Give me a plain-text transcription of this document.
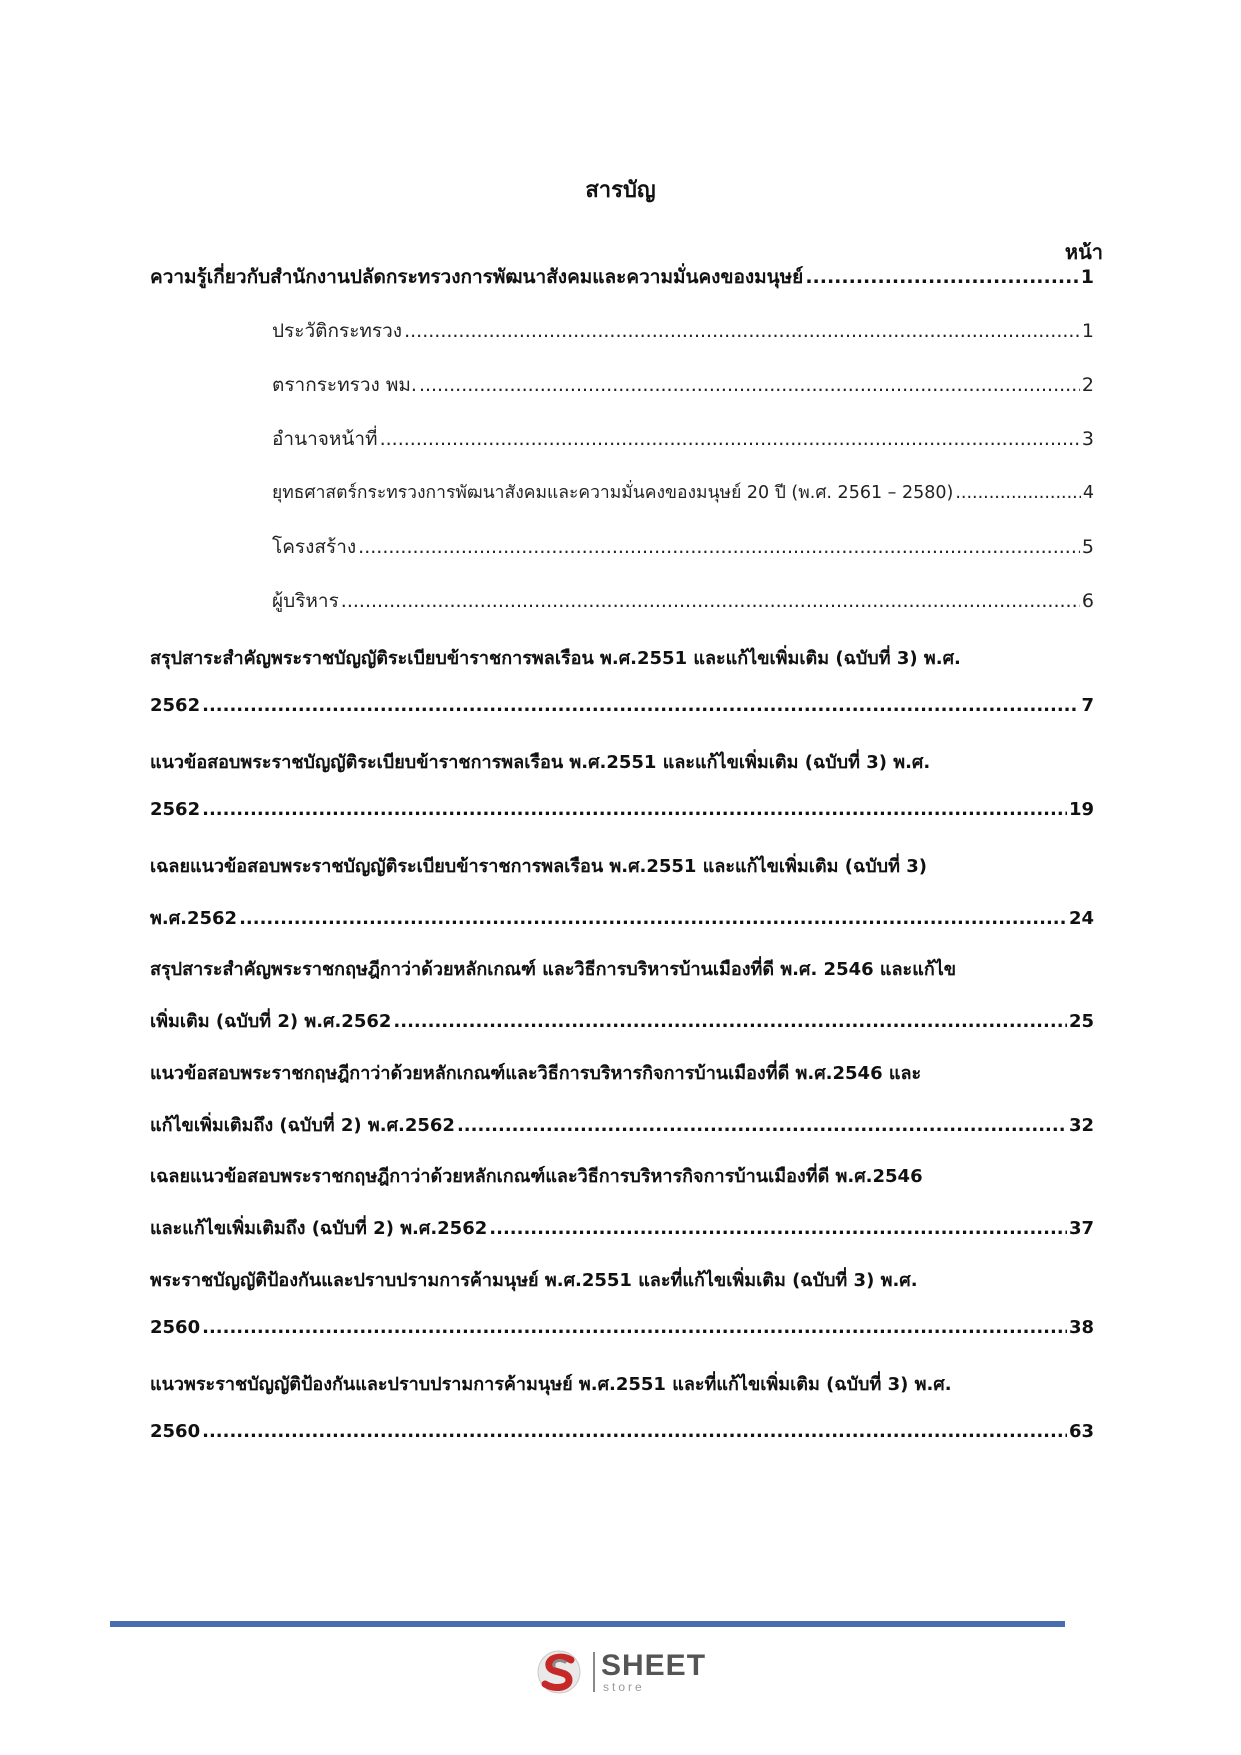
สารบัญ
หน้า
ความรู้เกี่ยวกับสำนักงานปลัดกระทรวงการพัฒนาสังคมและความมั่นคงของมนุษย์ .....	1
ประวัติกระทรวง .....	1
ตรากระทรวง พม. .....	2
อำนาจหน้าที่ .....	3
ยุทธศาสตร์กระทรวงการพัฒนาสังคมและความมั่นคงของมนุษย์ 20 ปี (พ.ศ. 2561 – 2580) .....	4
โครงสร้าง .....	5
ผู้บริหาร .....	6
สรุปสาระสำคัญพระราชบัญญัติระเบียบข้าราชการพลเรือน พ.ศ.2551 และแก้ไขเพิ่มเติม (ฉบับที่ 3) พ.ศ.
2562 .....	7
แนวข้อสอบพระราชบัญญัติระเบียบข้าราชการพลเรือน พ.ศ.2551 และแก้ไขเพิ่มเติม (ฉบับที่ 3) พ.ศ.
2562 .....	19
เฉลยแนวข้อสอบพระราชบัญญัติระเบียบข้าราชการพลเรือน พ.ศ.2551 และแก้ไขเพิ่มเติม (ฉบับที่ 3)
พ.ศ.2562 .....	24
สรุปสาระสำคัญพระราชกฤษฎีกาว่าด้วยหลักเกณฑ์ และวิธีการบริหารบ้านเมืองที่ดี พ.ศ. 2546 และแก้ไข
เพิ่มเติม (ฉบับที่ 2) พ.ศ.2562 .....	25
แนวข้อสอบพระราชกฤษฎีกาว่าด้วยหลักเกณฑ์และวิธีการบริหารกิจการบ้านเมืองที่ดี พ.ศ.2546 และ
แก้ไขเพิ่มเติมถึง (ฉบับที่ 2) พ.ศ.2562 .....	32
เฉลยแนวข้อสอบพระราชกฤษฎีกาว่าด้วยหลักเกณฑ์และวิธีการบริหารกิจการบ้านเมืองที่ดี พ.ศ.2546
และแก้ไขเพิ่มเติมถึง (ฉบับที่ 2) พ.ศ.2562 .....	37
พระราชบัญญัติป้องกันและปราบปรามการค้ามนุษย์ พ.ศ.2551 และที่แก้ไขเพิ่มเติม (ฉบับที่ 3) พ.ศ.
2560 .....	38
แนวพระราชบัญญัติป้องกันและปราบปรามการค้ามนุษย์ พ.ศ.2551 และที่แก้ไขเพิ่มเติม (ฉบับที่ 3) พ.ศ.
2560 .....	63
SHEET
store
